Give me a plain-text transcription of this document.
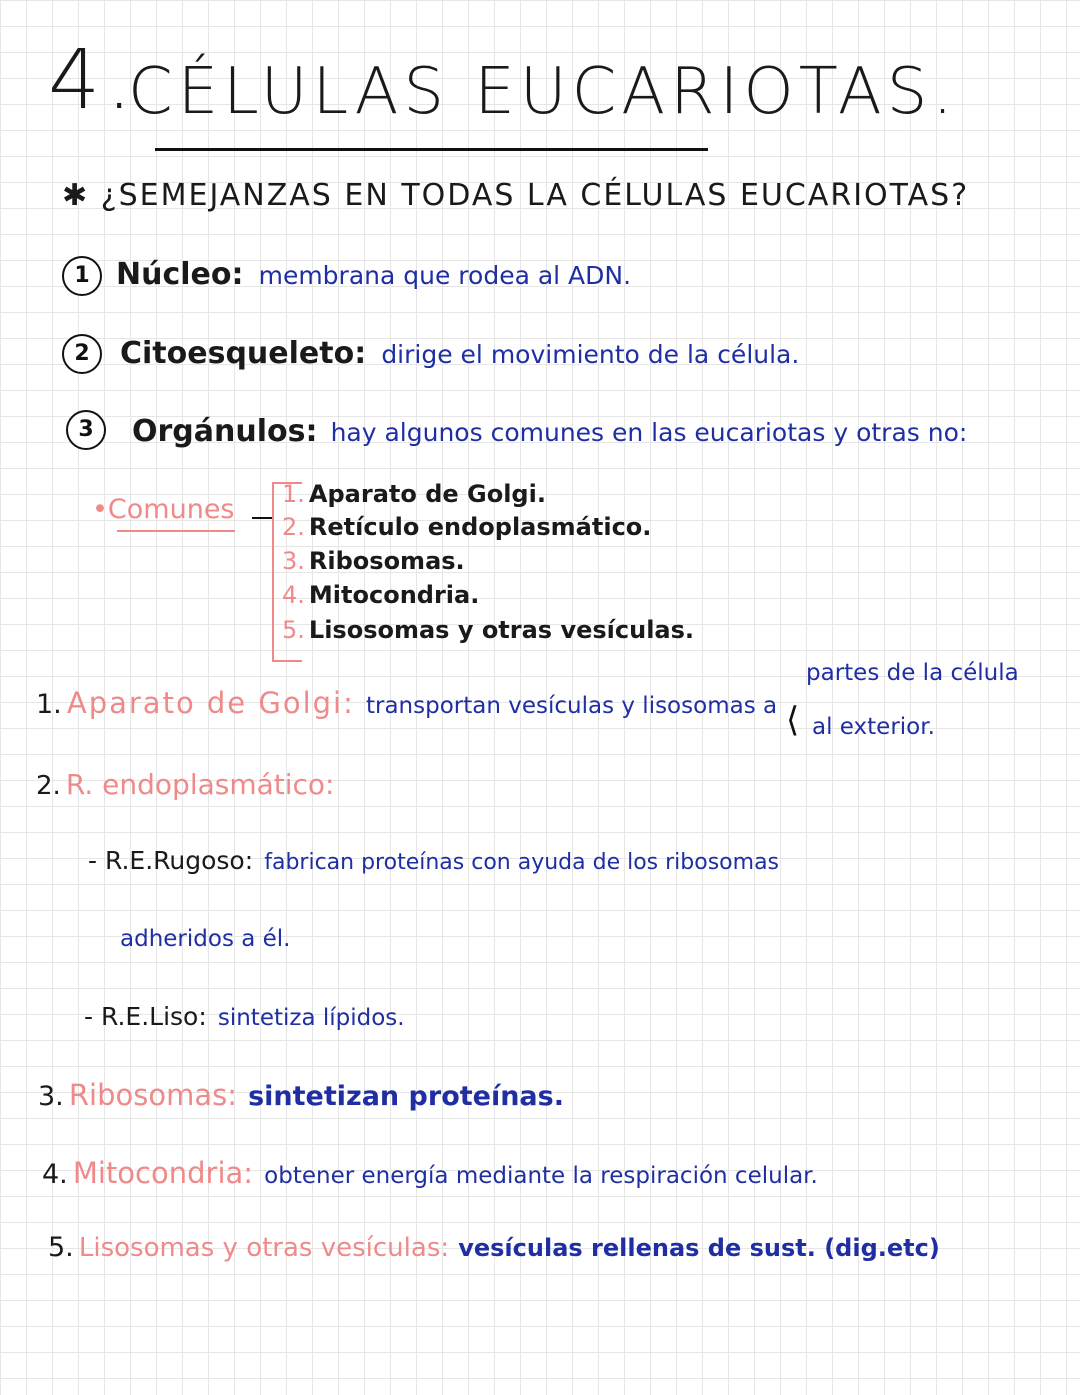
4.
CÉLULAS EUCARIOTAS.
✱ ¿SEMEJANZAS EN TODAS LA CÉLULAS EUCARIOTAS?
1 Núcleo: membrana que rodea al ADN.
2	Citoesqueleto: dirige el movimiento de la célula.
3	Orgánulos: hay algunos comunes en las eucariotas y otras no:
•Comunes 1. Aparato de Golgi.
2. Retículo endoplasmático.
3. Ribosomas.
4. Mitocondria.
5. Lisosomas y otras vesículas.
1. Aparato de Golgi: transportan vesículas y lisosomas a ⟨
partes de la célula
al exterior.
2. R. endoplasmático:
- R.E.Rugoso: fabrican proteínas con ayuda de los ribosomas
adheridos a él.
- R.E.Liso: sintetiza lípidos.
3. Ribosomas: sintetizan proteínas.
4. Mitocondria: obtener energía mediante la respiración celular.
5. Lisosomas y otras vesículas: vesículas rellenas de sust. (dig.etc)
